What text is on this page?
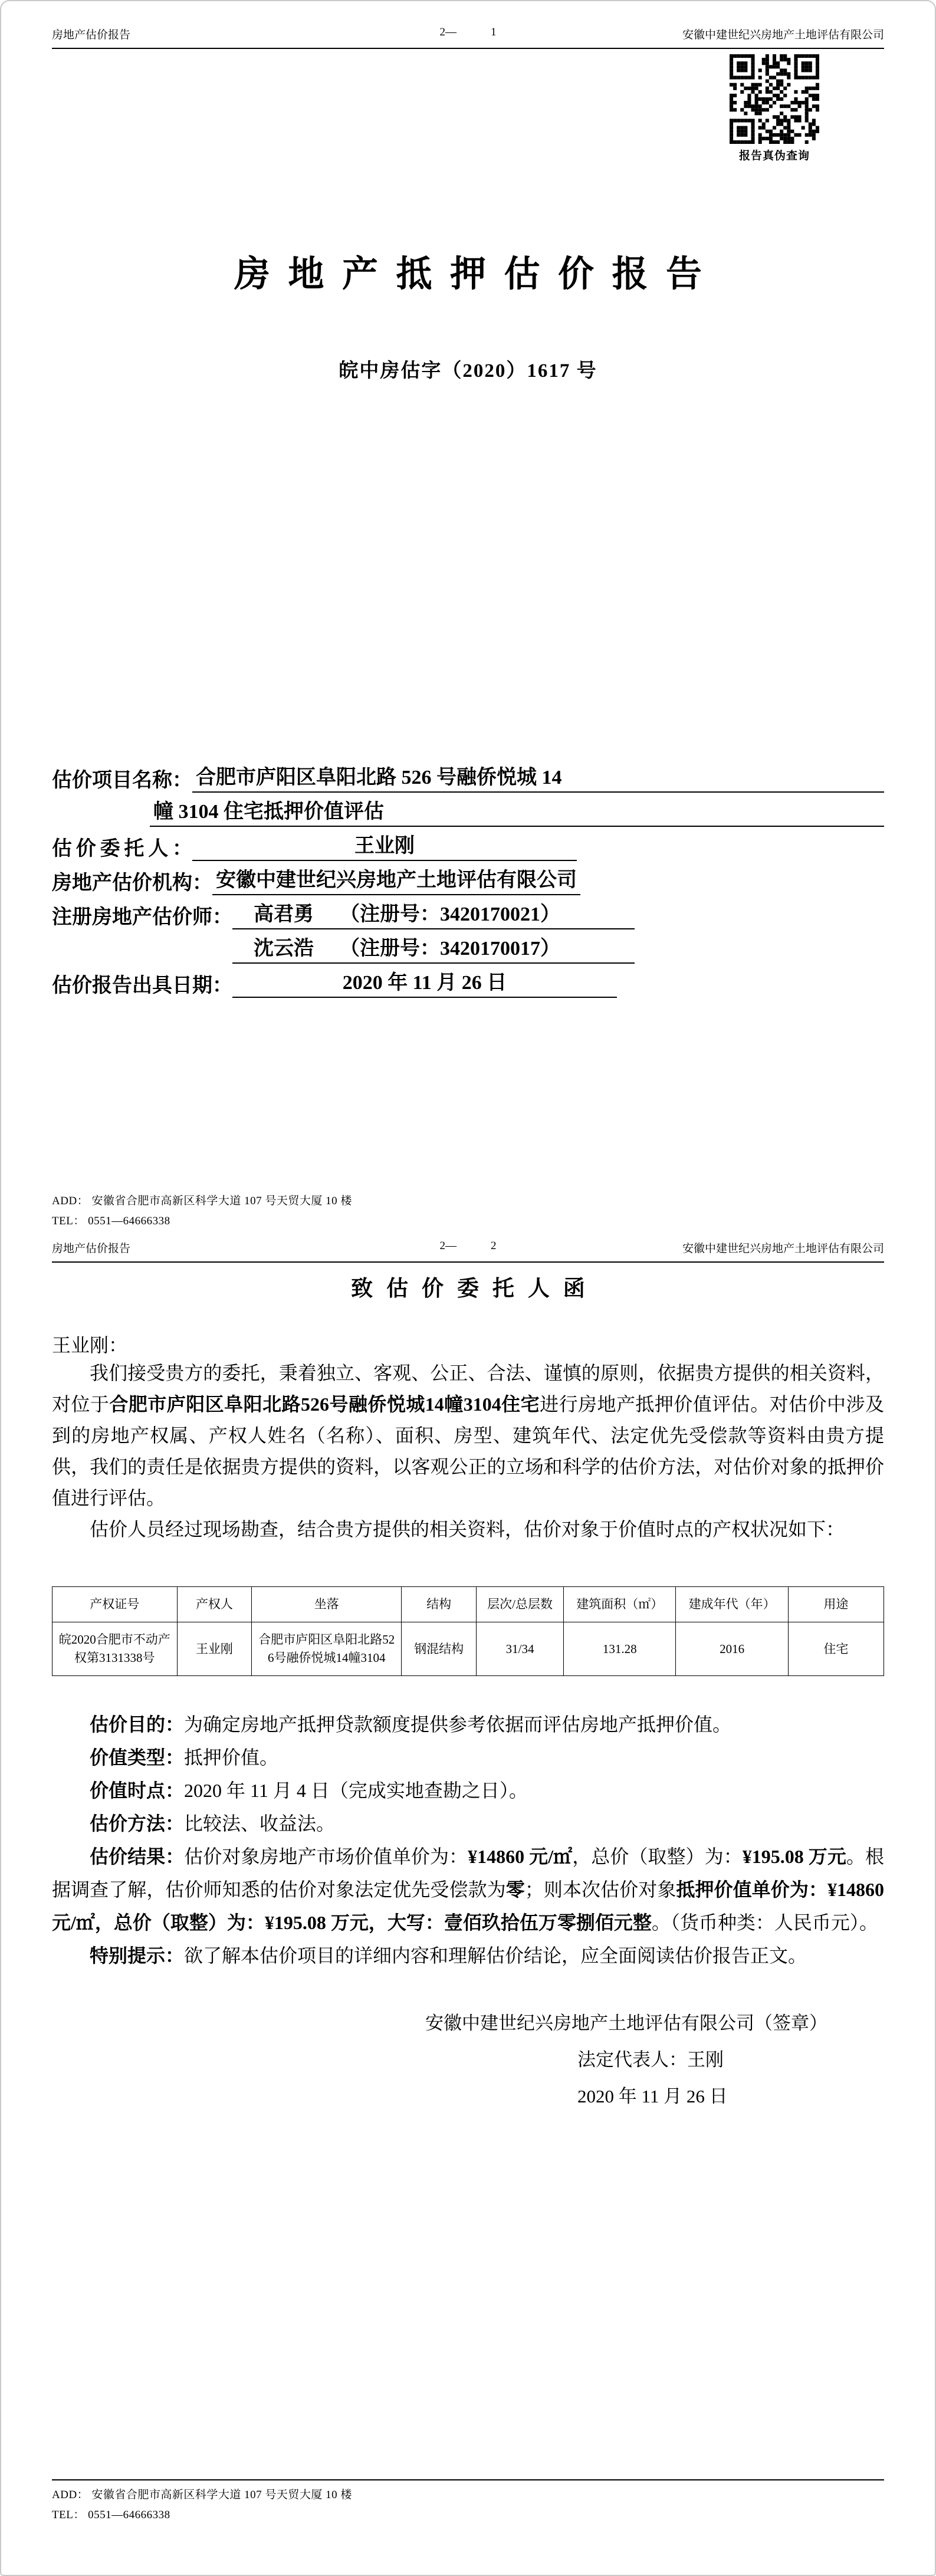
房地产估价报告	2—	1	安徽中建世纪兴房地产土地评估有限公司
报告真伪查询
房地产抵押估价报告
皖中房估字（2020）1617 号
估价项目名称： 合肥市庐阳区阜阳北路 526 号融侨悦城 14
幢 3104 住宅抵押价值评估
估价委托人：	王业刚
房地产估价机构： 安徽中建世纪兴房地产土地评估有限公司
注册房地产估价师： 高君勇 （注册号：3420170021）
沈云浩 （注册号：3420170017）
估价报告出具日期：	2020 年 11 月 26 日
ADD： 安徽省合肥市高新区科学大道 107 号天贸大厦 10 楼
TEL： 0551—64666338
房地产估价报告	2—	2	安徽中建世纪兴房地产土地评估有限公司
致估价委托人函
王业刚：

我们接受贵方的委托，秉着独立、客观、公正、合法、谨慎的原则，依据贵方提供的相关资料，对位于合肥市庐阳区阜阳北路526号融侨悦城14幢3104住宅进行房地产抵押价值评估。对估价中涉及到的房地产权属、产权人姓名（名称）、面积、房型、建筑年代、法定优先受偿款等资料由贵方提供，我们的责任是依据贵方提供的资料，以客观公正的立场和科学的估价方法，对估价对象的抵押价值进行评估。

估价人员经过现场勘查，结合贵方提供的相关资料，估价对象于价值时点的产权状况如下：

产权证号	产权人	坐落	结构	层次/总层数	建筑面积（㎡）	建成年代（年）	用途
皖2020合肥市不动产权第3131338号	王业刚	合肥市庐阳区阜阳北路526号融侨悦城14幢3104	钢混结构	31/34	131.28	2016	住宅

估价目的：为确定房地产抵押贷款额度提供参考依据而评估房地产抵押价值。

价值类型：抵押价值。

价值时点：2020 年 11 月 4 日（完成实地查勘之日）。

估价方法：比较法、收益法。

估价结果：估价对象房地产市场价值单价为：¥14860 元/㎡，总价（取整）为：¥195.08 万元。根据调查了解，估价师知悉的估价对象法定优先受偿款为零；则本次估价对象抵押价值单价为：¥14860 元/㎡，总价（取整）为：¥195.08 万元，大写：壹佰玖拾伍万零捌佰元整。（货币种类：人民币元）。

特别提示：欲了解本估价项目的详细内容和理解估价结论，应全面阅读估价报告正文。

安徽中建世纪兴房地产土地评估有限公司（签章）
法定代表人：王刚
2020 年 11 月 26 日
ADD： 安徽省合肥市高新区科学大道 107 号天贸大厦 10 楼
TEL： 0551—64666338
